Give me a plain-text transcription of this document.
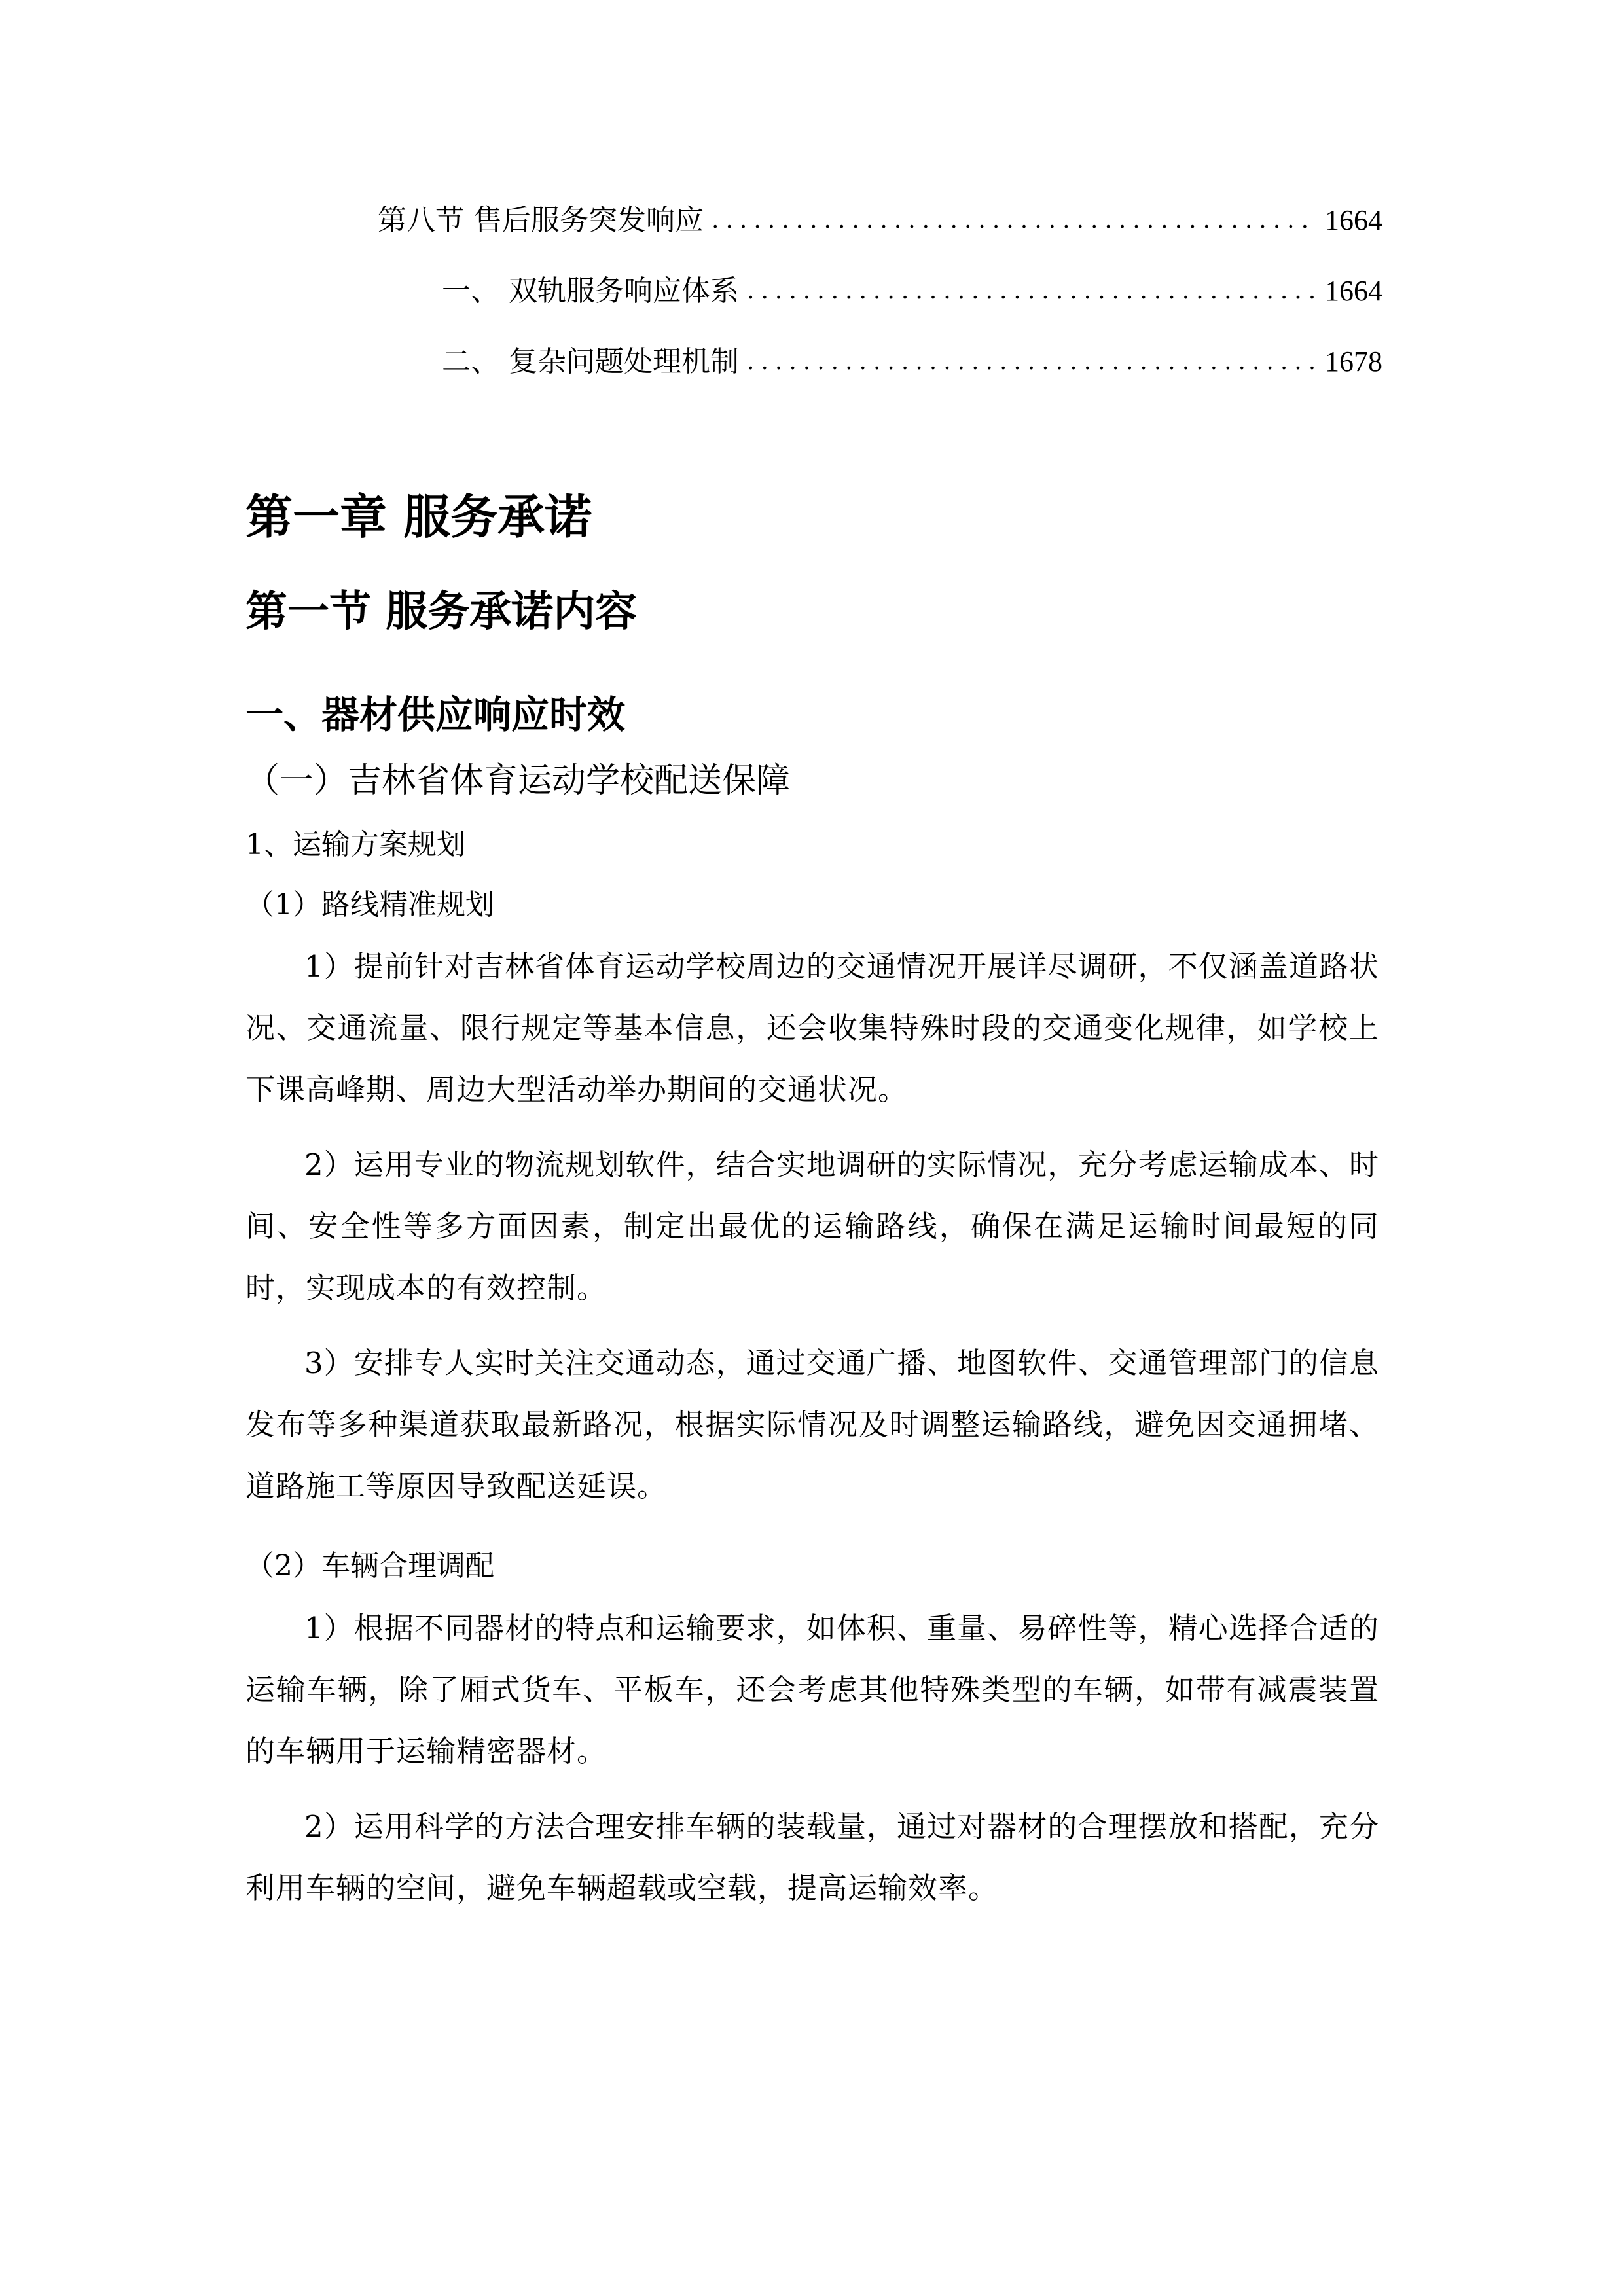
第八节 售后服务突发响应 .....	1664
一、 双轨服务响应体系 .....	1664
二、 复杂问题处理机制 .....	1678
第一章 服务承诺
第一节 服务承诺内容
一、器材供应响应时效
（一）吉林省体育运动学校配送保障
1、运输方案规划
（1）路线精准规划

1）提前针对吉林省体育运动学校周边的交通情况开展详尽调研，不仅涵盖道路状况、交通流量、限行规定等基本信息，还会收集特殊时段的交通变化规律，如学校上下课高峰期、周边大型活动举办期间的交通状况。

2）运用专业的物流规划软件，结合实地调研的实际情况，充分考虑运输成本、时间、安全性等多方面因素，制定出最优的运输路线，确保在满足运输时间最短的同时，实现成本的有效控制。

3）安排专人实时关注交通动态，通过交通广播、地图软件、交通管理部门的信息发布等多种渠道获取最新路况，根据实际情况及时调整运输路线，避免因交通拥堵、道路施工等原因导致配送延误。

（2）车辆合理调配

1）根据不同器材的特点和运输要求，如体积、重量、易碎性等，精心选择合适的运输车辆，除了厢式货车、平板车，还会考虑其他特殊类型的车辆，如带有减震装置的车辆用于运输精密器材。

2）运用科学的方法合理安排车辆的装载量，通过对器材的合理摆放和搭配，充分利用车辆的空间，避免车辆超载或空载，提高运输效率。
